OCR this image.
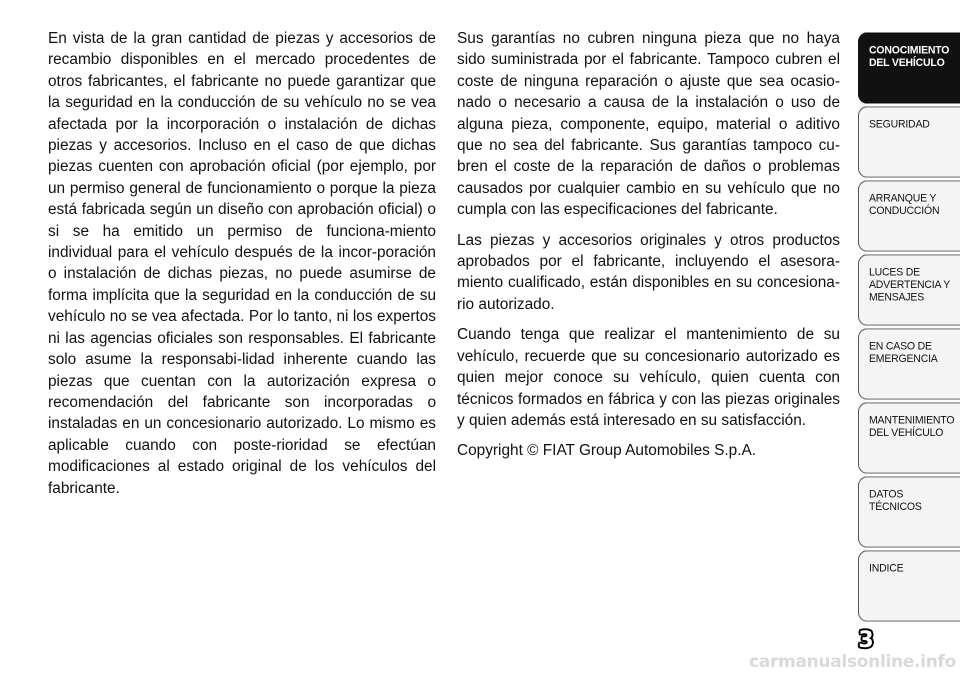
En vista de la gran cantidad de piezas y accesorios de recambio disponibles en el mercado procedentes de otros fabricantes, el fabricante no puede garantizar que la seguridad en la conducción de su vehículo no se vea afectada por la incorporación o instalación de dichas piezas y accesorios. Incluso en el caso de que dichas piezas cuenten con aprobación oficial (por ejemplo, por un permiso general de funcionamiento o porque la pieza está fabricada según un diseño con aprobación oficial) o si se ha emitido un permiso de funciona-miento individual para el vehículo después de la incor-poración o instalación de dichas piezas, no puede asumirse de forma implícita que la seguridad en la conducción de su vehículo no se vea afectada. Por lo tanto, ni los expertos ni las agencias oficiales son responsables. El fabricante solo asume la responsabi-lidad inherente cuando las piezas que cuentan con la autorización expresa o recomendación del fabricante son incorporadas o instaladas en un concesionario autorizado. Lo mismo es aplicable cuando con poste-rioridad se efectúan modificaciones al estado original de los vehículos del fabricante.

Sus garantías no cubren ninguna pieza que no haya sido suministrada por el fabricante. Tampoco cubren el coste de ninguna reparación o ajuste que sea ocasio-nado o necesario a causa de la instalación o uso de alguna pieza, componente, equipo, material o aditivo que no sea del fabricante. Sus garantías tampoco cu-bren el coste de la reparación de daños o problemas causados por cualquier cambio en su vehículo que no cumpla con las especificaciones del fabricante.

Las piezas y accesorios originales y otros productos aprobados por el fabricante, incluyendo el asesora-miento cualificado, están disponibles en su concesiona-rio autorizado.

Cuando tenga que realizar el mantenimiento de su vehículo, recuerde que su concesionario autorizado es quien mejor conoce su vehículo, quien cuenta con técnicos formados en fábrica y con las piezas originales y quien además está interesado en su satisfacción.

Copyright © FIAT Group Automobiles S.p.A.

CONOCIMIENTO
DEL VEHÍCULO
SEGURIDAD
ARRANQUE Y
CONDUCCIÓN
LUCES DE
ADVERTENCIA Y
MENSAJES
EN CASO DE
EMERGENCIA
MANTENIMIENTO
DEL VEHÍCULO
DATOS
TÉCNICOS
INDICE
3
carmanualsonline.info
